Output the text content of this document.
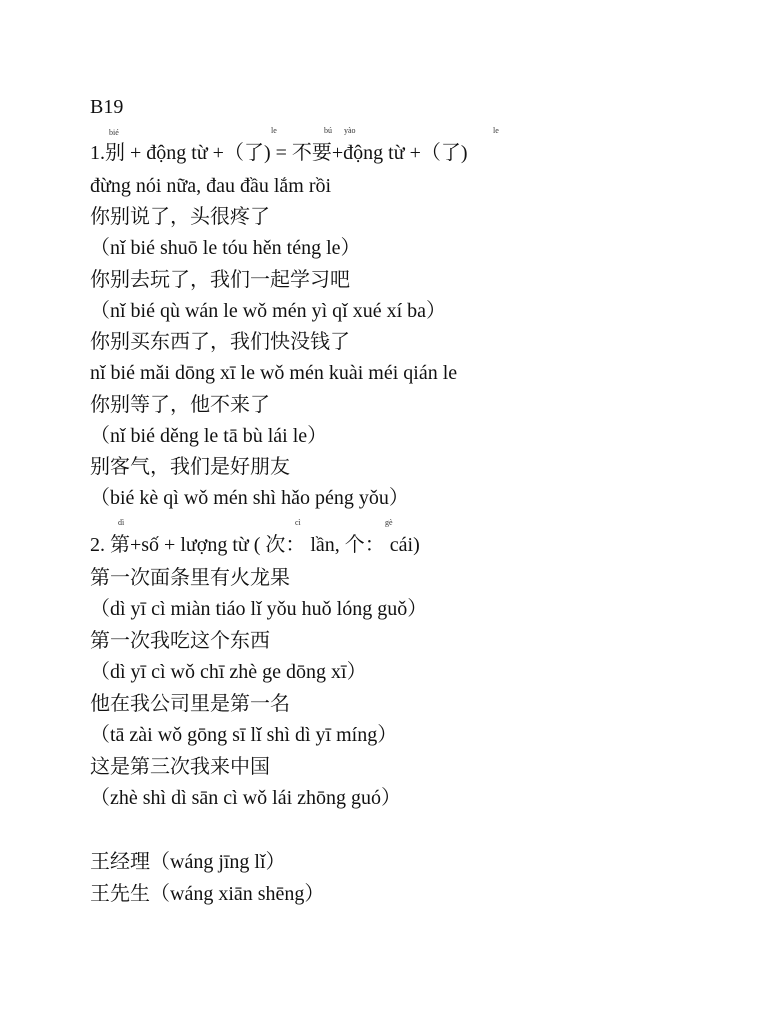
B19
bié	le	bú yào	le
1.别 + động từ +（了) = 不要+động từ +（了)
đừng nói nữa, đau đầu lắm rồi
你别说了，头很疼了
（nǐ bié shuō le tóu hěn téng le）
你别去玩了，我们一起学习吧
（nǐ bié qù wán le wǒ mén yì qǐ xué xí ba）
你别买东西了，我们快没钱了
nǐ bié mǎi dōng xī le wǒ mén kuài méi qián le
你别等了，他不来了
（nǐ bié děng le tā bù lái le）
别客气，我们是好朋友
（bié kè qì wǒ mén shì hǎo péng yǒu）
dì	cì	gè
2. 第+số + lượng từ ( 次： lần, 个： cái)
第一次面条里有火龙果
（dì yī cì miàn tiáo lǐ yǒu huǒ lóng guǒ）
第一次我吃这个东西
（dì yī cì wǒ chī zhè ge dōng xī）
他在我公司里是第一名
（tā zài wǒ gōng sī lǐ shì dì yī míng）
这是第三次我来中国
（zhè shì dì sān cì wǒ lái zhōng guó）
王经理（wáng jīng lǐ）
王先生（wáng xiān shēng）
